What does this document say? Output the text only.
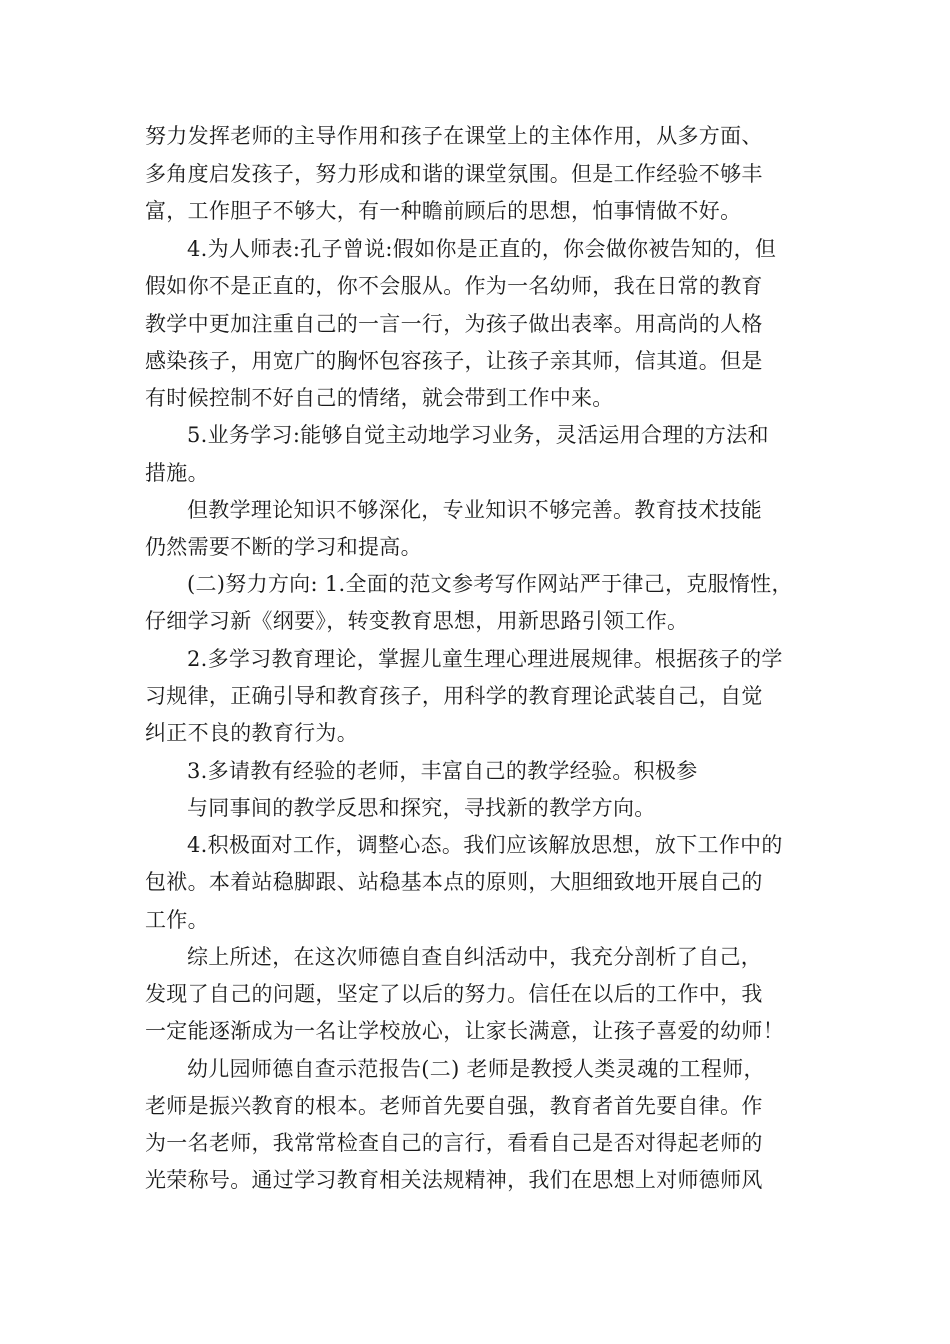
努力发挥老师的主导作用和孩子在课堂上的主体作用，从多方面、
多角度启发孩子，努力形成和谐的课堂氛围。但是工作经验不够丰
富，工作胆子不够大，有一种瞻前顾后的思想，怕事情做不好。
4.为人师表:孔子曾说:假如你是正直的，你会做你被告知的，但
假如你不是正直的，你不会服从。作为一名幼师，我在日常的教育
教学中更加注重自己的一言一行，为孩子做出表率。用高尚的人格
感染孩子，用宽广的胸怀包容孩子，让孩子亲其师，信其道。但是
有时候控制不好自己的情绪，就会带到工作中来。
5.业务学习:能够自觉主动地学习业务，灵活运用合理的方法和
措施。
但教学理论知识不够深化，专业知识不够完善。教育技术技能
仍然需要不断的学习和提高。
(二)努力方向: 1.全面的范文参考写作网站严于律己，克服惰性，
仔细学习新《纲要》，转变教育思想，用新思路引领工作。
2.多学习教育理论，掌握儿童生理心理进展规律。根据孩子的学
习规律，正确引导和教育孩子，用科学的教育理论武装自己，自觉
纠正不良的教育行为。
3.多请教有经验的老师，丰富自己的教学经验。积极参
与同事间的教学反思和探究，寻找新的教学方向。
4.积极面对工作，调整心态。我们应该解放思想，放下工作中的
包袱。本着站稳脚跟、站稳基本点的原则，大胆细致地开展自己的
工作。
综上所述，在这次师德自查自纠活动中，我充分剖析了自己，
发现了自己的问题，坚定了以后的努力。信任在以后的工作中，我
一定能逐渐成为一名让学校放心，让家长满意，让孩子喜爱的幼师！
幼儿园师德自查示范报告(二) 老师是教授人类灵魂的工程师，
老师是振兴教育的根本。老师首先要自强，教育者首先要自律。作
为一名老师，我常常检查自己的言行，看看自己是否对得起老师的
光荣称号。通过学习教育相关法规精神，我们在思想上对师德师风
